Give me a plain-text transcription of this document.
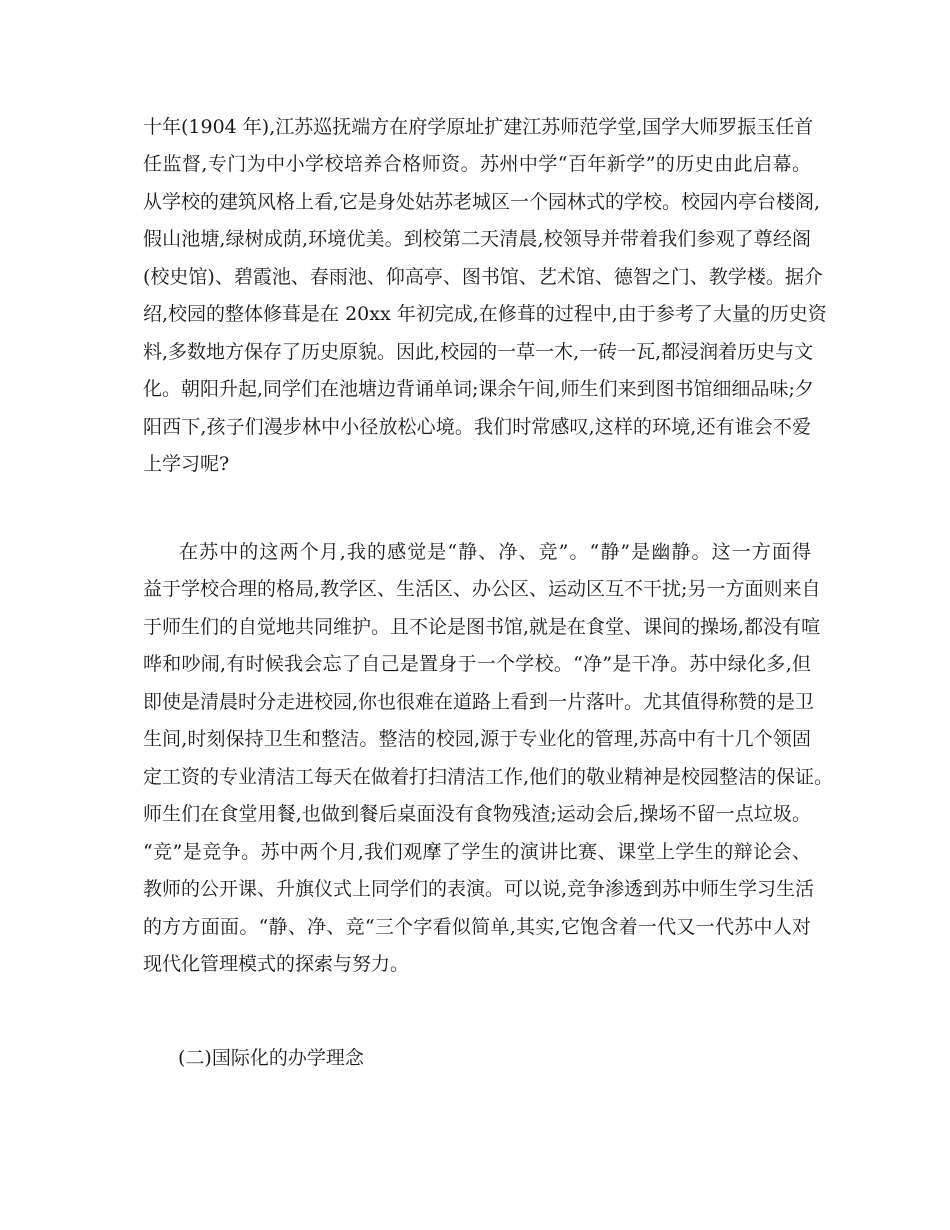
十年(1904 年),江苏巡抚端方在府学原址扩建江苏师范学堂,国学大师罗振玉任首
任监督,专门为中小学校培养合格师资。苏州中学“百年新学”的历史由此启幕。
从学校的建筑风格上看,它是身处姑苏老城区一个园林式的学校。校园内亭台楼阁,
假山池塘,绿树成荫,环境优美。到校第二天清晨,校领导并带着我们参观了尊经阁
(校史馆)、碧霞池、春雨池、仰高亭、图书馆、艺术馆、德智之门、教学楼。据介
绍,校园的整体修葺是在 20xx 年初完成,在修葺的过程中,由于参考了大量的历史资
料,多数地方保存了历史原貌。因此,校园的一草一木,一砖一瓦,都浸润着历史与文
化。朝阳升起,同学们在池塘边背诵单词;课余午间,师生们来到图书馆细细品味;夕
阳西下,孩子们漫步林中小径放松心境。我们时常感叹,这样的环境,还有谁会不爱
上学习呢?
在苏中的这两个月,我的感觉是“静、净、竞”。“静”是幽静。这一方面得
益于学校合理的格局,教学区、生活区、办公区、运动区互不干扰;另一方面则来自
于师生们的自觉地共同维护。且不论是图书馆,就是在食堂、课间的操场,都没有喧
哗和吵闹,有时候我会忘了自己是置身于一个学校。“净”是干净。苏中绿化多,但
即使是清晨时分走进校园,你也很难在道路上看到一片落叶。尤其值得称赞的是卫
生间,时刻保持卫生和整洁。整洁的校园,源于专业化的管理,苏高中有十几个领固
定工资的专业清洁工每天在做着打扫清洁工作,他们的敬业精神是校园整洁的保证。
师生们在食堂用餐,也做到餐后桌面没有食物残渣;运动会后,操场不留一点垃圾。
“竞”是竞争。苏中两个月,我们观摩了学生的演讲比赛、课堂上学生的辩论会、
教师的公开课、升旗仪式上同学们的表演。可以说,竞争渗透到苏中师生学习生活
的方方面面。“静、净、竞“三个字看似简单,其实,它饱含着一代又一代苏中人对
现代化管理模式的探索与努力。
(二)国际化的办学理念
